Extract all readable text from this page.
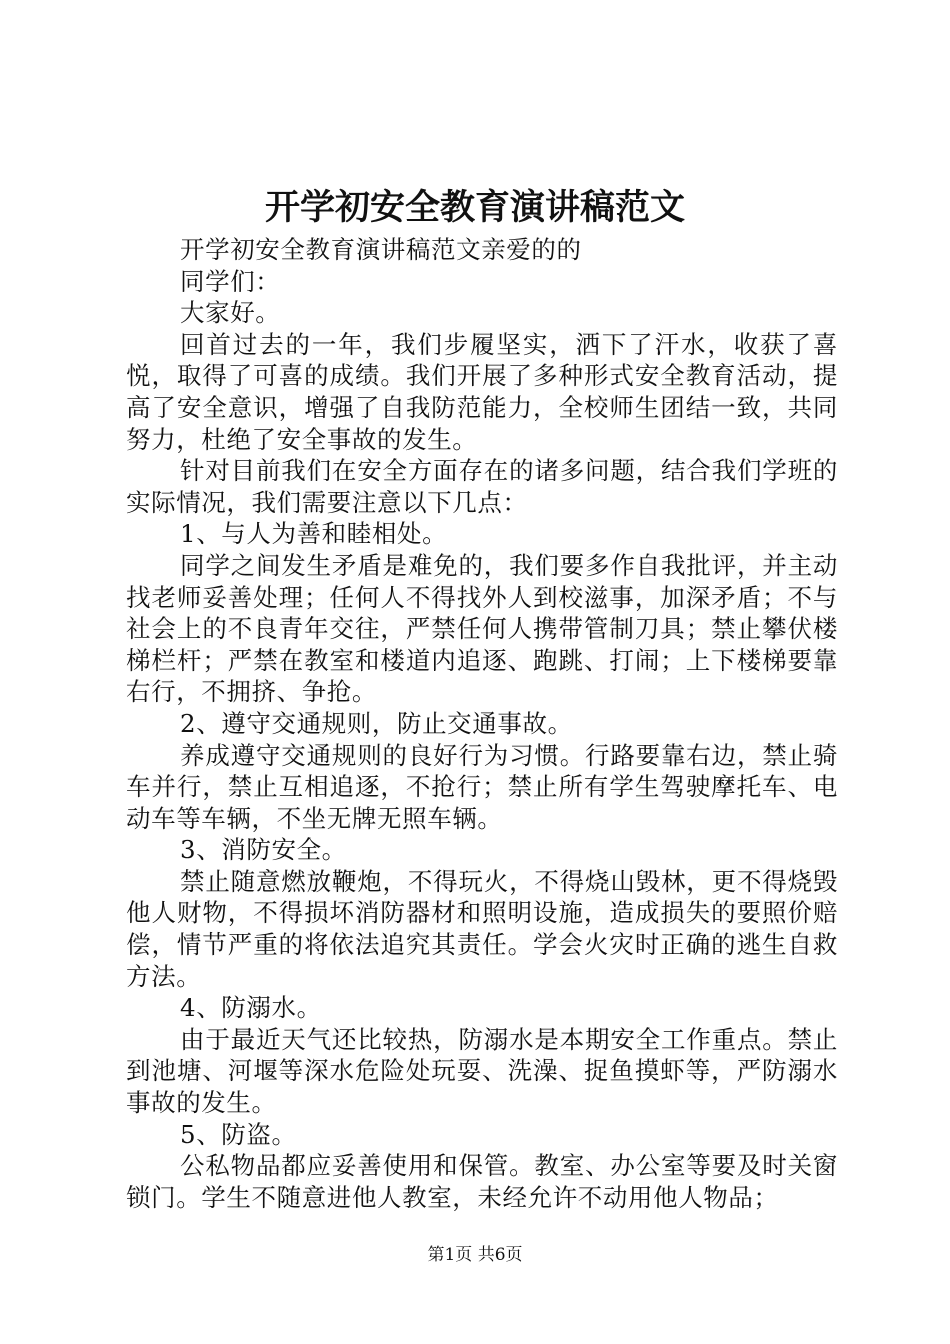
开学初安全教育演讲稿范文

开学初安全教育演讲稿范文亲爱的的

同学们：

大家好。

回首过去的一年，我们步履坚实，洒下了汗水，收获了喜悦，取得了可喜的成绩。我们开展了多种形式安全教育活动，提高了安全意识，增强了自我防范能力，全校师生团结一致，共同努力，杜绝了安全事故的发生。

针对目前我们在安全方面存在的诸多问题，结合我们学班的实际情况，我们需要注意以下几点：

1、与人为善和睦相处。

同学之间发生矛盾是难免的，我们要多作自我批评，并主动找老师妥善处理；任何人不得找外人到校滋事，加深矛盾；不与社会上的不良青年交往，严禁任何人携带管制刀具；禁止攀伏楼梯栏杆；严禁在教室和楼道内追逐、跑跳、打闹；上下楼梯要靠右行，不拥挤、争抢。

2、遵守交通规则，防止交通事故。

养成遵守交通规则的良好行为习惯。行路要靠右边，禁止骑车并行，禁止互相追逐，不抢行；禁止所有学生驾驶摩托车、电动车等车辆，不坐无牌无照车辆。

3、消防安全。

禁止随意燃放鞭炮，不得玩火，不得烧山毁林，更不得烧毁他人财物，不得损坏消防器材和照明设施，造成损失的要照价赔偿，情节严重的将依法追究其责任。学会火灾时正确的逃生自救方法。

4、防溺水。

由于最近天气还比较热，防溺水是本期安全工作重点。禁止到池塘、河堰等深水危险处玩耍、洗澡、捉鱼摸虾等，严防溺水事故的发生。

5、防盗。

公私物品都应妥善使用和保管。教室、办公室等要及时关窗锁门。学生不随意进他人教室，未经允许不动用他人物品；

第1页 共6页
